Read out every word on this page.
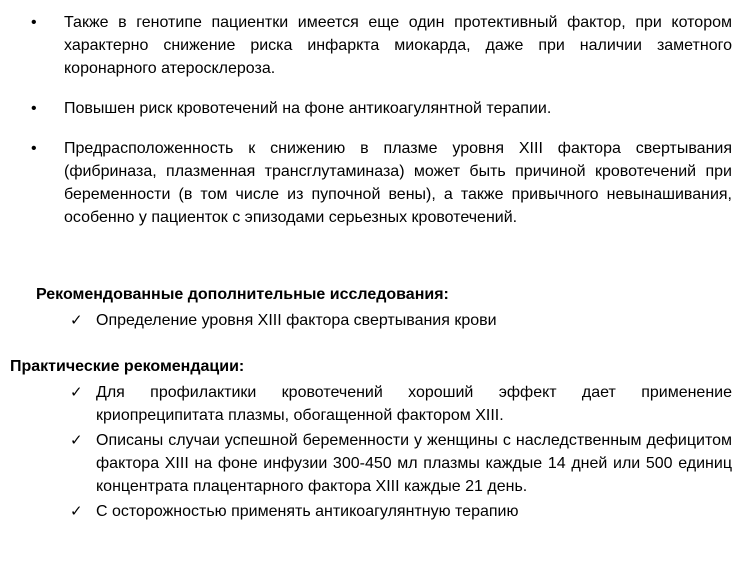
• Также в генотипе пациентки имеется еще один протективный фактор, при котором характерно снижение риска инфаркта миокарда, даже при наличии заметного коронарного атеросклероза.
• Повышен риск кровотечений на фоне антикоагулянтной терапии.
• Предрасположенность к снижению в плазме уровня XIII фактора свертывания (фибриназа, плазменная трансглутаминаза) может быть причиной кровотечений при беременности (в том числе из пупочной вены), а также привычного невынашивания, особенно у пациенток с эпизодами серьезных кровотечений.
Рекомендованные дополнительные исследования:
✓ Определение уровня XIII фактора свертывания крови
Практические рекомендации:
✓ Для профилактики кровотечений хороший эффект дает применение криопреципитата плазмы, обогащенной фактором XIII.
✓ Описаны случаи успешной беременности у женщины с наследственным дефицитом фактора XIII на фоне инфузии 300-450 мл плазмы каждые 14 дней или 500 единиц концентрата плацентарного фактора XIII каждые 21 день.
✓ С осторожностью применять антикоагулянтную терапию
